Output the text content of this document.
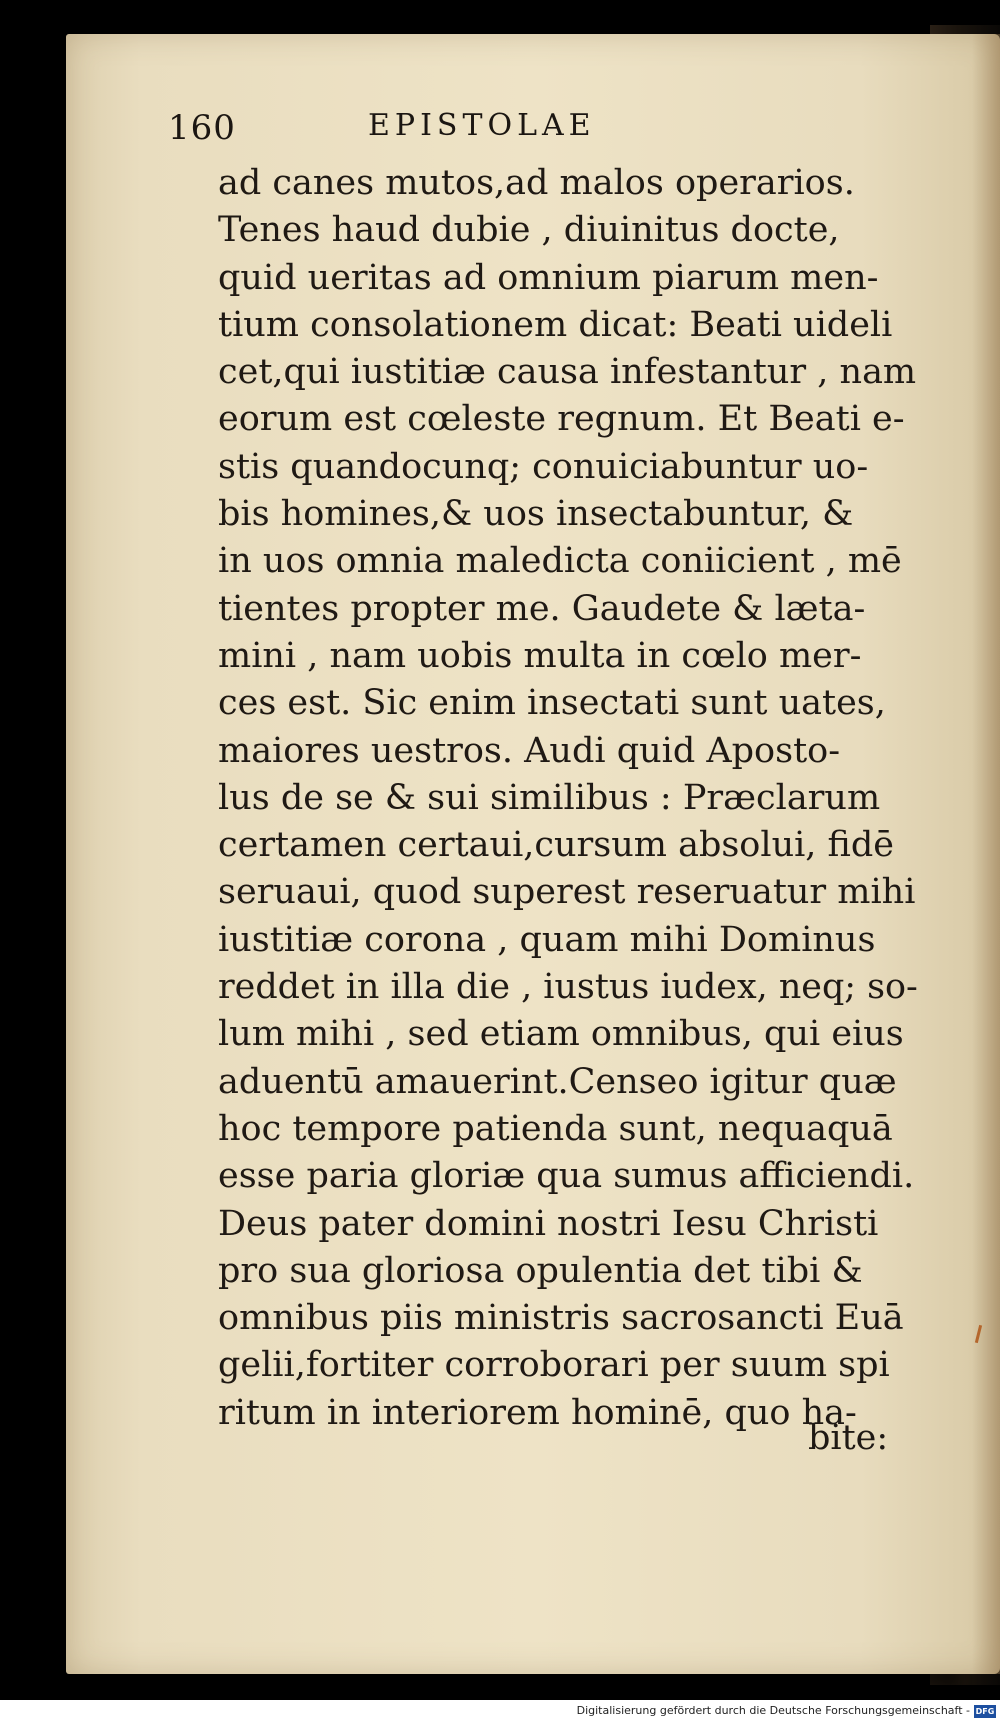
160	EPISTOLAE
ad canes mutos,ad malos operarios.
Tenes haud dubie , diuinitus docte,
quid ueritas ad omnium piarum men-
tium consolationem dicat: Beati uideli
cet,qui iustitiæ causa infestantur , nam
eorum est cœleste regnum. Et Beati e-
stis quandocunq; conuiciabuntur uo-
bis homines,& uos insectabuntur, &
in uos omnia maledicta coniicient , mē
tientes propter me. Gaudete & læta-
mini , nam uobis multa in cœlo mer-
ces est. Sic enim insectati sunt uates,
maiores uestros. Audi quid Aposto-
lus de se & sui similibus : Præclarum
certamen certaui,cursum absolui, fidē
seruaui, quod superest reseruatur mihi
iustitiæ corona , quam mihi Dominus
reddet in illa die , iustus iudex, neq; so-
lum mihi , sed etiam omnibus, qui eius
aduentū amauerint.Censeo igitur quæ
hoc tempore patienda sunt, nequaquā
esse paria gloriæ qua sumus afficiendi.
Deus pater domini nostri Iesu Christi
pro sua gloriosa opulentia det tibi &
omnibus piis ministris sacrosancti Euā
gelii,fortiter corroborari per suum spi
ritum in interiorem hominē, quo ha-
bite:
Digitalisierung gefördert durch die Deutsche Forschungsgemeinschaft - DFG
